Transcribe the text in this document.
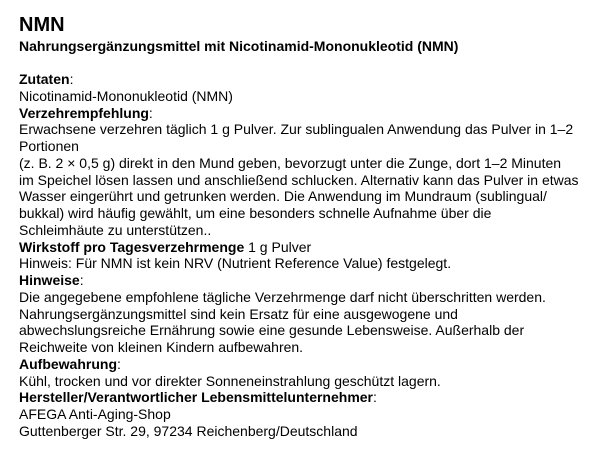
NMN
Nahrungsergänzungsmittel mit Nicotinamid-Mononukleotid (NMN)
Zutaten:
Nicotinamid-Mononukleotid (NMN)
Verzehrempfehlung:
Erwachsene verzehren täglich 1 g Pulver. Zur sublingualen Anwendung das Pulver in 1–2
Portionen
(z. B. 2 × 0,5 g) direkt in den Mund geben, bevorzugt unter die Zunge, dort 1–2 Minuten
im Speichel lösen lassen und anschließend schlucken. Alternativ kann das Pulver in etwas
Wasser eingerührt und getrunken werden. Die Anwendung im Mundraum (sublingual/
bukkal) wird häufig gewählt, um eine besonders schnelle Aufnahme über die
Schleimhäute zu unterstützen..
Wirkstoff pro Tagesverzehrmenge 1 g Pulver
Hinweis: Für NMN ist kein NRV (Nutrient Reference Value) festgelegt.
Hinweise:
Die angegebene empfohlene tägliche Verzehrmenge darf nicht überschritten werden.
Nahrungsergänzungsmittel sind kein Ersatz für eine ausgewogene und
abwechslungsreiche Ernährung sowie eine gesunde Lebensweise. Außerhalb der
Reichweite von kleinen Kindern aufbewahren.
Aufbewahrung:
Kühl, trocken und vor direkter Sonneneinstrahlung geschützt lagern.
Hersteller/Verantwortlicher Lebensmittelunternehmer:
AFEGA Anti-Aging-Shop
Guttenberger Str. 29, 97234 Reichenberg/Deutschland
